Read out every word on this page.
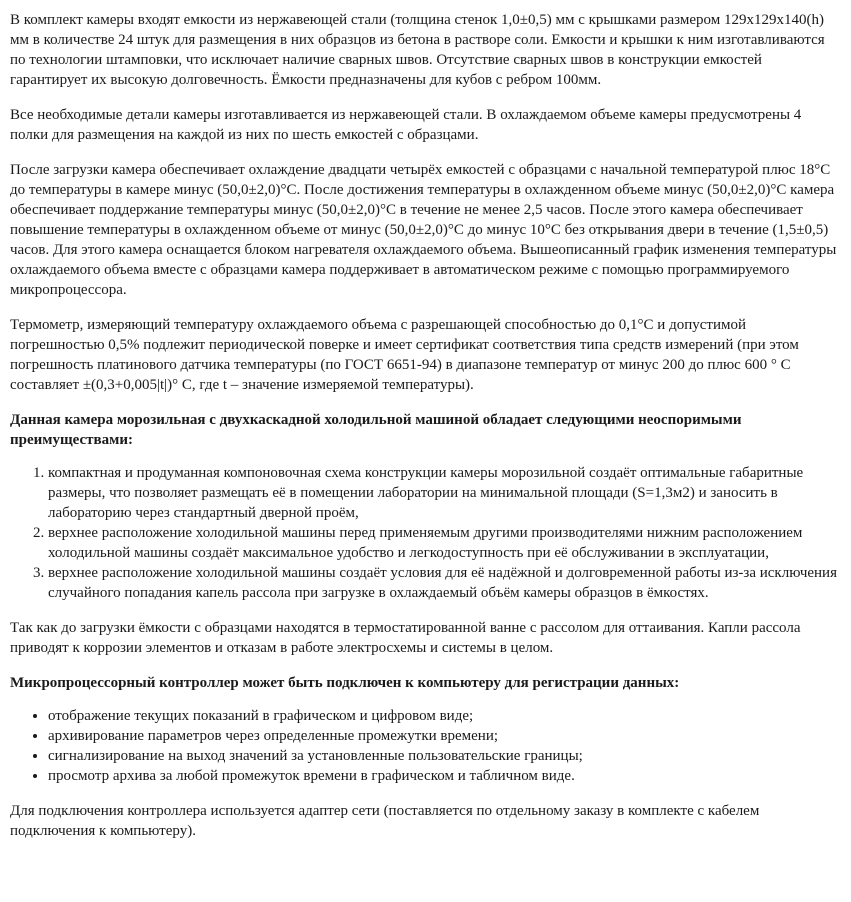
В комплект камеры входят емкости из нержавеющей стали (толщина стенок 1,0±0,5) мм с крышками размером 129х129х140(h) мм в количестве 24 штук для размещения в них образцов из бетона в растворе соли. Емкости и крышки к ним изготавливаются по технологии штамповки, что исключает наличие сварных швов. Отсутствие сварных швов в конструкции емкостей гарантирует их высокую долговечность. Ёмкости предназначены для кубов с ребром 100мм.

Все необходимые детали камеры изготавливается из нержавеющей стали. В охлаждаемом объеме камеры предусмотрены 4 полки для размещения на каждой из них по шесть емкостей с образцами.

После загрузки камера обеспечивает охлаждение двадцати четырёх емкостей с образцами с начальной температурой плюс 18°С до температуры в камере минус (50,0±2,0)°С. После достижения температуры в охлажденном объеме минус (50,0±2,0)°С камера обеспечивает поддержание температуры минус (50,0±2,0)°С в течение не менее 2,5 часов. После этого камера обеспечивает повышение температуры в охлажденном объеме от минус (50,0±2,0)°С до минус 10°С без открывания двери в течение (1,5±0,5) часов. Для этого камера оснащается блоком нагревателя охлаждаемого объема. Вышеописанный график изменения температуры охлаждаемого объема вместе с образцами камера поддерживает в автоматическом режиме с помощью программируемого микропроцессора.

Термометр, измеряющий температуру охлаждаемого объема с разрешающей способностью до 0,1°С и допустимой погрешностью 0,5% подлежит периодической поверке и имеет сертификат соответствия типа средств измерений (при этом погрешность платинового датчика температуры (по ГОСТ 6651-94) в диапазоне температур от минус 200 до плюс 600 ° С составляет ±(0,3+0,005|t|)° С, где t – значение измеряемой температуры).

Данная камера морозильная с двухкаскадной холодильной машиной обладает следующими неоспоримыми преимуществами:

1. компактная и продуманная компоновочная схема конструкции камеры морозильной создаёт оптимальные габаритные размеры, что позволяет размещать её в помещении лаборатории на минимальной площади (S=1,3м2) и заносить в лабораторию через стандартный дверной проём,
2. верхнее расположение холодильной машины перед применяемым другими производителями нижним расположением холодильной машины создаёт максимальное удобство и легкодоступность при её обслуживании в эксплуатации,
3. верхнее расположение холодильной машины создаёт условия для её надёжной и долговременной работы из-за исключения случайного попадания капель рассола при загрузке в охлаждаемый объём камеры образцов в ёмкостях.

Так как до загрузки ёмкости с образцами находятся в термостатированной ванне с рассолом для оттаивания. Капли рассола приводят к коррозии элементов и отказам в работе электросхемы и системы в целом.

Микропроцессорный контроллер может быть подключен к компьютеру для регистрации данных:

• отображение текущих показаний в графическом и цифровом виде;
• архивирование параметров через определенные промежутки времени;
• сигнализирование на выход значений за установленные пользовательские границы;
• просмотр архива за любой промежуток времени в графическом и табличном виде.

Для подключения контроллера используется адаптер сети (поставляется по отдельному заказу в комплекте с кабелем подключения к компьютеру).
